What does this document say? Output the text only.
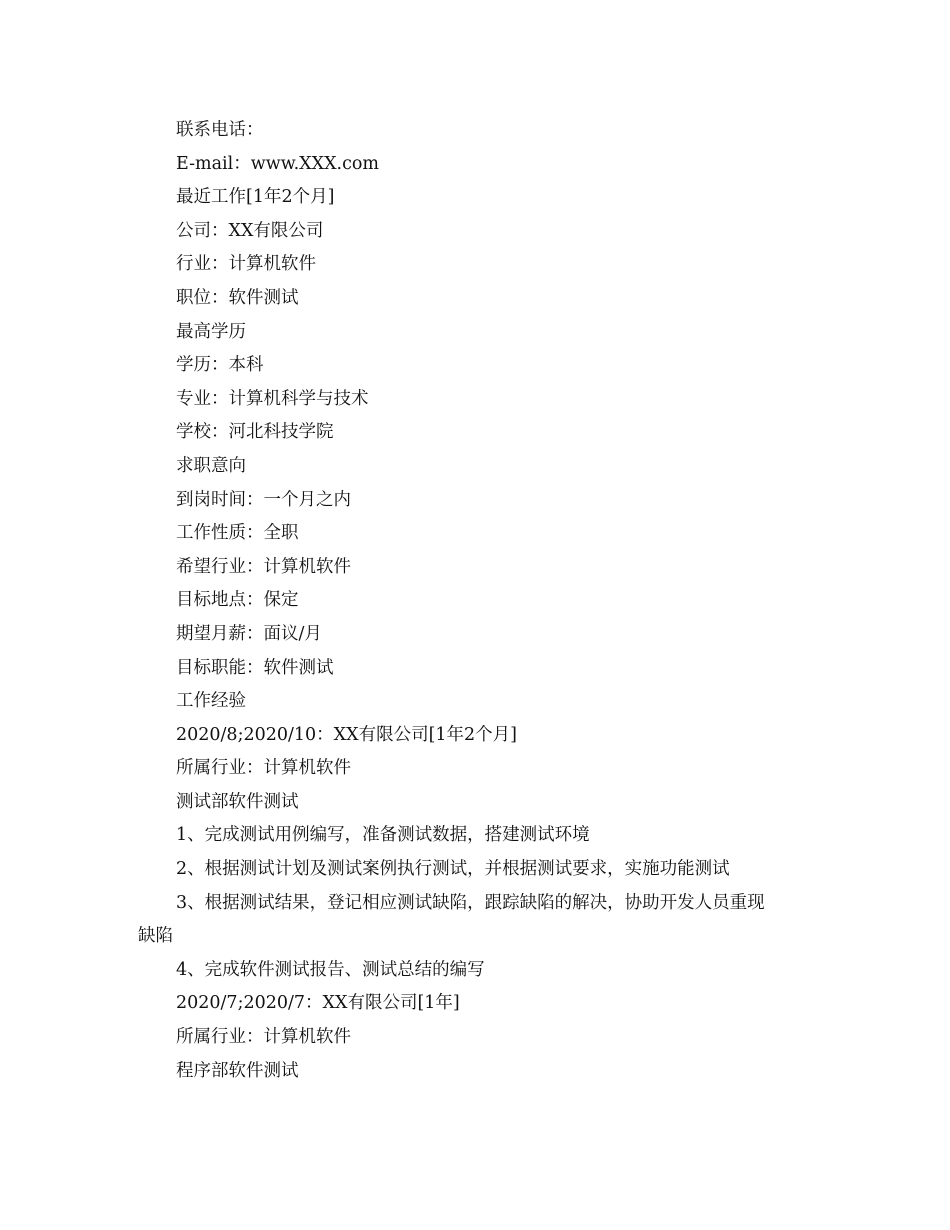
联系电话：
E-mail：www.XXX.com
最近工作[1年2个月]
公司：XX有限公司
行业：计算机软件
职位：软件测试
最高学历
学历：本科
专业：计算机科学与技术
学校：河北科技学院
求职意向
到岗时间：一个月之内
工作性质：全职
希望行业：计算机软件
目标地点：保定
期望月薪：面议/月
目标职能：软件测试
工作经验
2020/8;2020/10：XX有限公司[1年2个月]
所属行业：计算机软件
测试部软件测试
1、完成测试用例编写，准备测试数据，搭建测试环境
2、根据测试计划及测试案例执行测试，并根据测试要求，实施功能测试
3、根据测试结果，登记相应测试缺陷，跟踪缺陷的解决，协助开发人员重现
缺陷
4、完成软件测试报告、测试总结的编写
2020/7;2020/7：XX有限公司[1年]
所属行业：计算机软件
程序部软件测试
